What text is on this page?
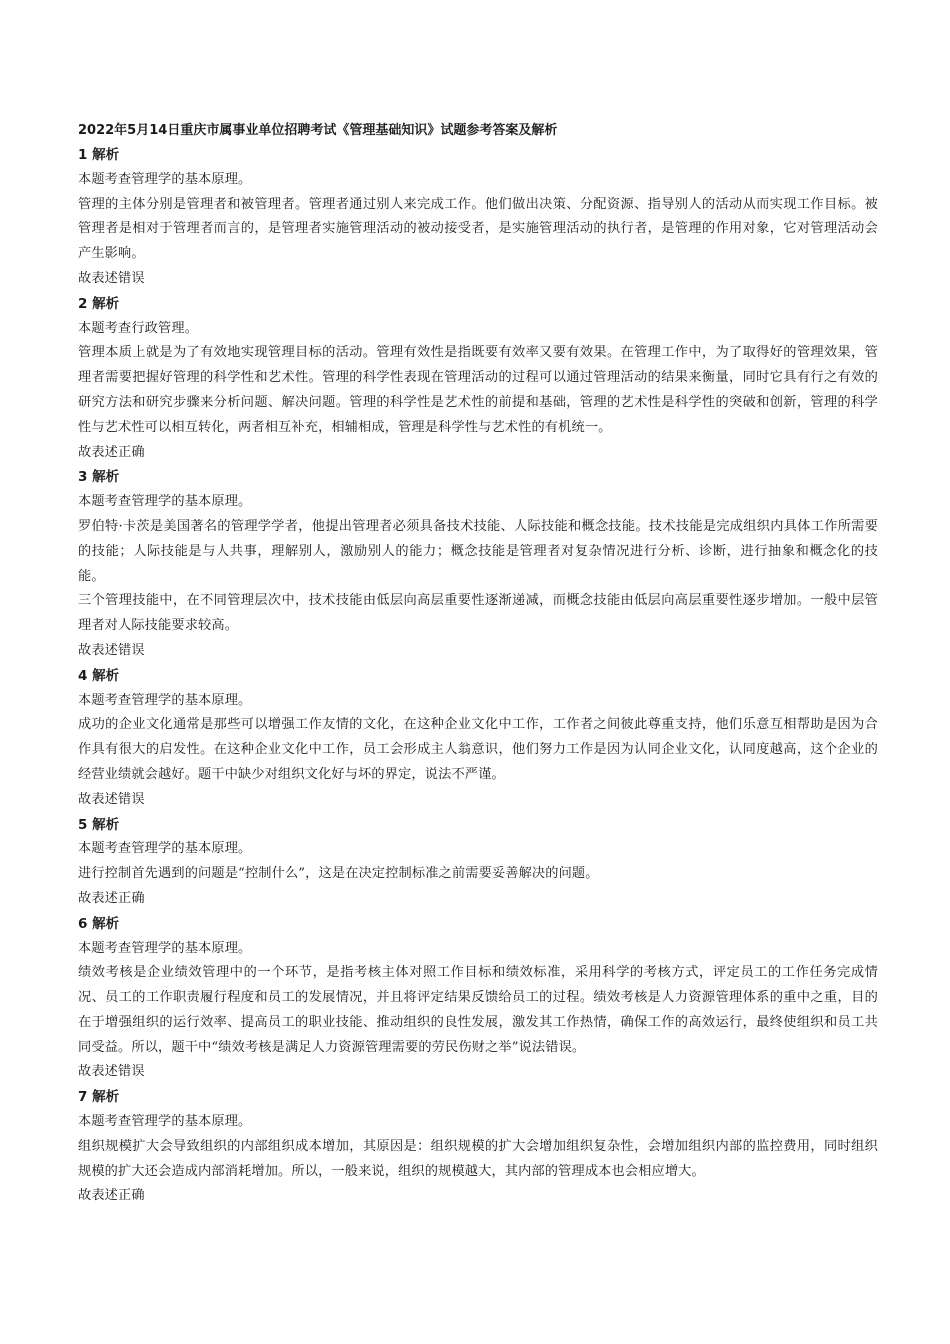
2022年5月14日重庆市属事业单位招聘考试《管理基础知识》试题参考答案及解析

1 解析

本题考查管理学的基本原理。

管理的主体分别是管理者和被管理者。管理者通过别人来完成工作。他们做出决策、分配资源、指导别人的活动从而实现工作目标。被管理者是相对于管理者而言的，是管理者实施管理活动的被动接受者，是实施管理活动的执行者，是管理的作用对象，它对管理活动会产生影响。

故表述错误

2 解析

本题考查行政管理。

管理本质上就是为了有效地实现管理目标的活动。管理有效性是指既要有效率又要有效果。在管理工作中，为了取得好的管理效果，管理者需要把握好管理的科学性和艺术性。管理的科学性表现在管理活动的过程可以通过管理活动的结果来衡量，同时它具有行之有效的研究方法和研究步骤来分析问题、解决问题。管理的科学性是艺术性的前提和基础，管理的艺术性是科学性的突破和创新，管理的科学性与艺术性可以相互转化，两者相互补充，相辅相成，管理是科学性与艺术性的有机统一。

故表述正确

3 解析

本题考查管理学的基本原理。

罗伯特·卡茨是美国著名的管理学学者，他提出管理者必须具备技术技能、人际技能和概念技能。技术技能是完成组织内具体工作所需要的技能；人际技能是与人共事，理解别人，激励别人的能力；概念技能是管理者对复杂情况进行分析、诊断，进行抽象和概念化的技能。

三个管理技能中，在不同管理层次中，技术技能由低层向高层重要性逐渐递减，而概念技能由低层向高层重要性逐步增加。一般中层管理者对人际技能要求较高。

故表述错误

4 解析

本题考查管理学的基本原理。

成功的企业文化通常是那些可以增强工作友情的文化，在这种企业文化中工作，工作者之间彼此尊重支持，他们乐意互相帮助是因为合作具有很大的启发性。在这种企业文化中工作，员工会形成主人翁意识，他们努力工作是因为认同企业文化，认同度越高，这个企业的经营业绩就会越好。题干中缺少对组织文化好与坏的界定，说法不严谨。

故表述错误

5 解析

本题考查管理学的基本原理。

进行控制首先遇到的问题是“控制什么”，这是在决定控制标准之前需要妥善解决的问题。

故表述正确

6 解析

本题考查管理学的基本原理。

绩效考核是企业绩效管理中的一个环节，是指考核主体对照工作目标和绩效标准，采用科学的考核方式，评定员工的工作任务完成情况、员工的工作职责履行程度和员工的发展情况，并且将评定结果反馈给员工的过程。绩效考核是人力资源管理体系的重中之重，目的在于增强组织的运行效率、提高员工的职业技能、推动组织的良性发展，激发其工作热情，确保工作的高效运行，最终使组织和员工共同受益。所以，题干中“绩效考核是满足人力资源管理需要的劳民伤财之举”说法错误。

故表述错误

7 解析

本题考查管理学的基本原理。

组织规模扩大会导致组织的内部组织成本增加，其原因是：组织规模的扩大会增加组织复杂性，会增加组织内部的监控费用，同时组织规模的扩大还会造成内部消耗增加。所以，一般来说，组织的规模越大，其内部的管理成本也会相应增大。

故表述正确
